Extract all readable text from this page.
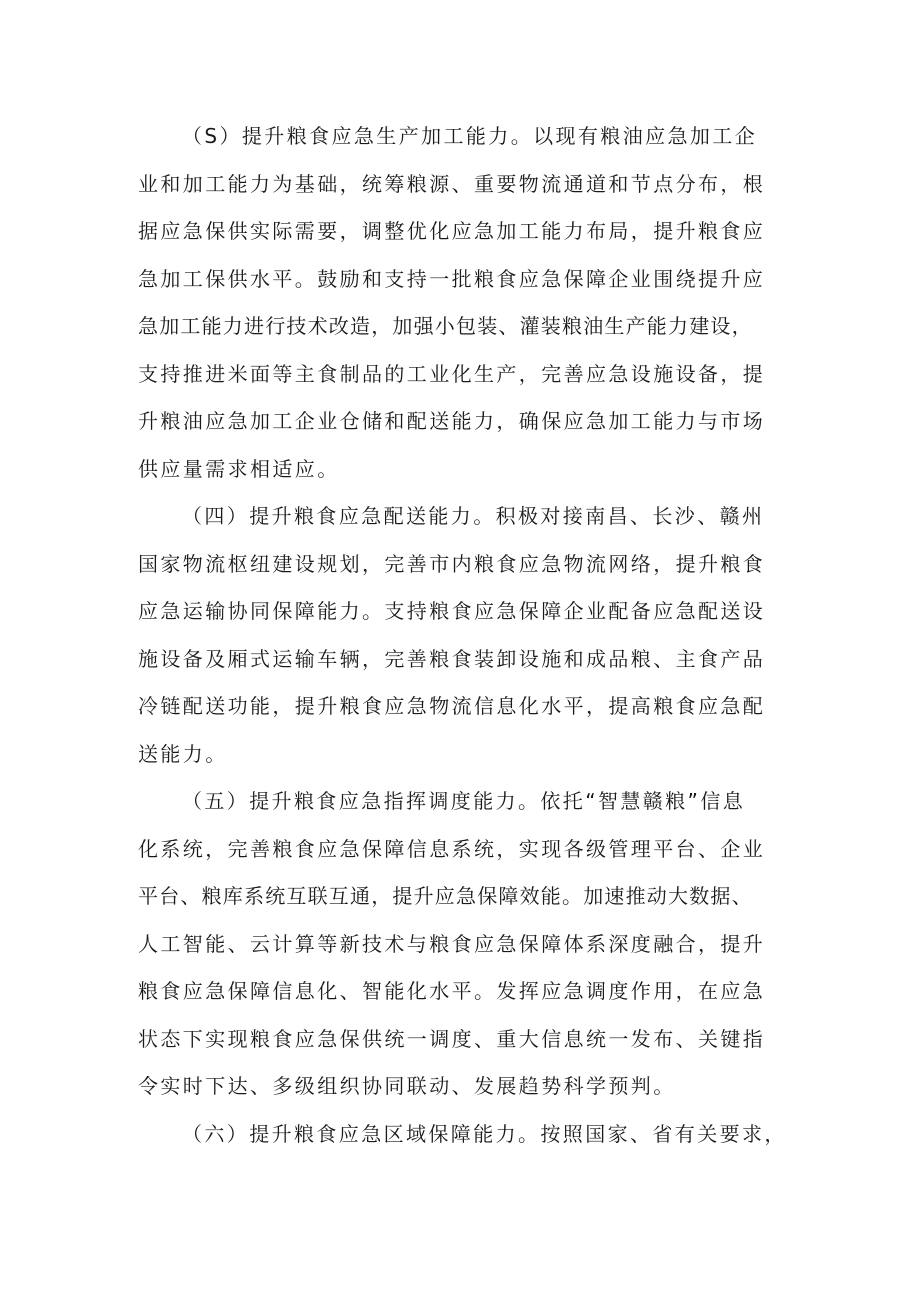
（S）提升粮食应急生产加工能力。以现有粮油应急加工企
业和加工能力为基础，统筹粮源、重要物流通道和节点分布，根
据应急保供实际需要，调整优化应急加工能力布局，提升粮食应
急加工保供水平。鼓励和支持一批粮食应急保障企业围绕提升应
急加工能力进行技术改造，加强小包装、灌装粮油生产能力建设，
支持推进米面等主食制品的工业化生产，完善应急设施设备，提
升粮油应急加工企业仓储和配送能力，确保应急加工能力与市场
供应量需求相适应。
（四）提升粮食应急配送能力。积极对接南昌、长沙、赣州
国家物流枢纽建设规划，完善市内粮食应急物流网络，提升粮食
应急运输协同保障能力。支持粮食应急保障企业配备应急配送设
施设备及厢式运输车辆，完善粮食装卸设施和成品粮、主食产品
冷链配送功能，提升粮食应急物流信息化水平，提高粮食应急配
送能力。
（五）提升粮食应急指挥调度能力。依托“智慧赣粮”信息
化系统，完善粮食应急保障信息系统，实现各级管理平台、企业
平台、粮库系统互联互通，提升应急保障效能。加速推动大数据、
人工智能、云计算等新技术与粮食应急保障体系深度融合，提升
粮食应急保障信息化、智能化水平。发挥应急调度作用，在应急
状态下实现粮食应急保供统一调度、重大信息统一发布、关键指
令实时下达、多级组织协同联动、发展趋势科学预判。
（六）提升粮食应急区域保障能力。按照国家、省有关要求，
